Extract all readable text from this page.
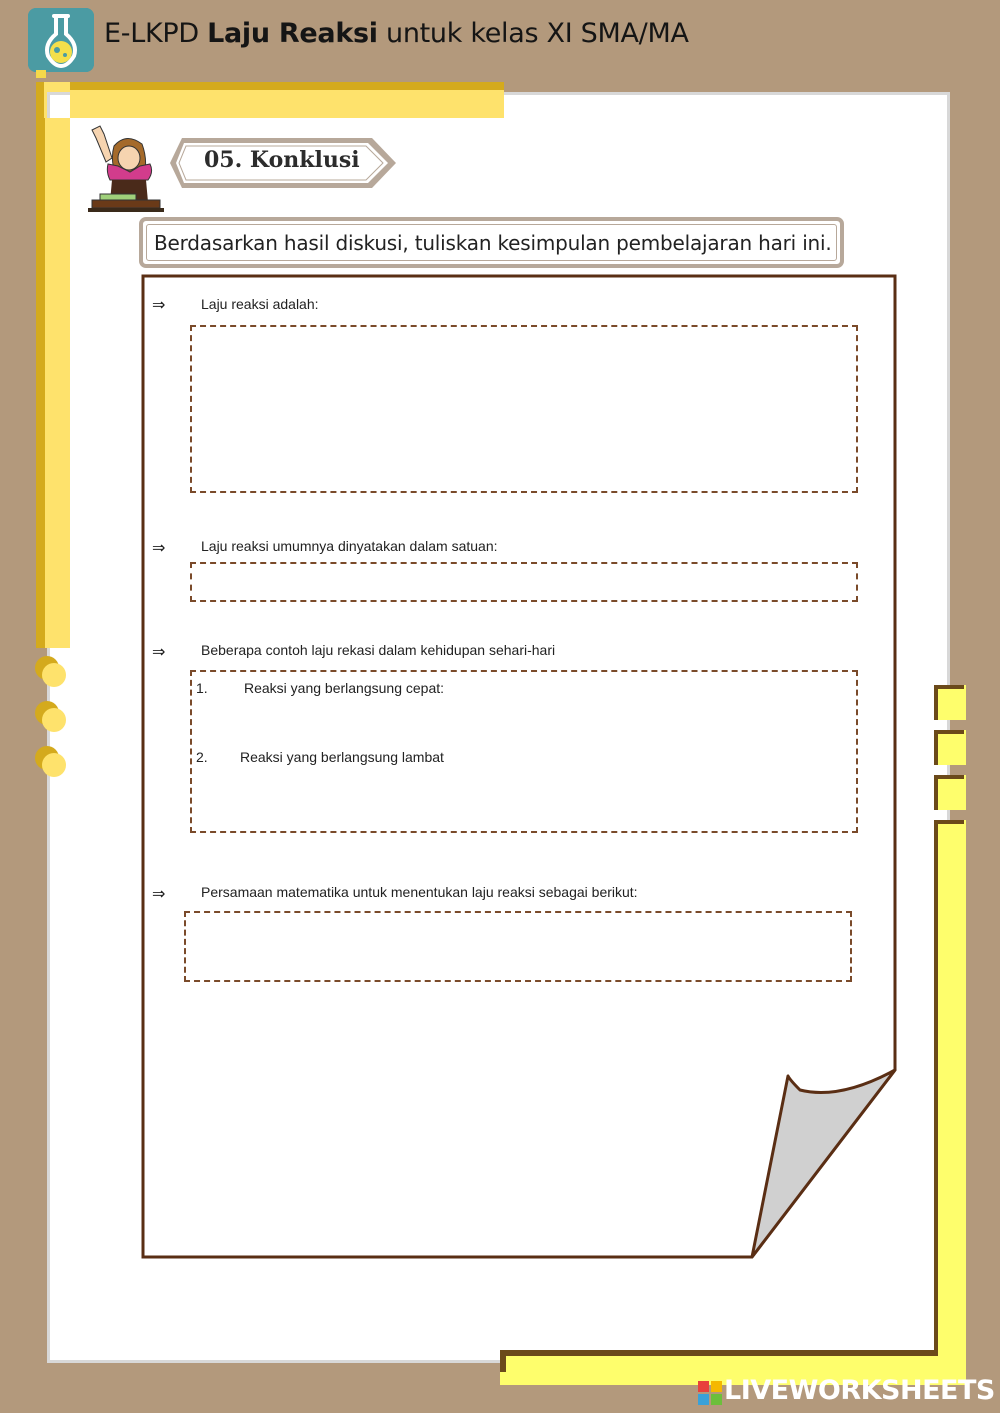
E-LKPD Laju Reaksi untuk kelas XI SMA/MA
05. Konklusi
Berdasarkan hasil diskusi, tuliskan kesimpulan pembelajaran hari ini.
⇒	Laju reaksi adalah:
⇒	Laju reaksi umumnya dinyatakan dalam satuan:
⇒	Beberapa contoh laju rekasi dalam kehidupan sehari-hari
1.	Reaksi yang berlangsung cepat:
2. Reaksi yang berlangsung lambat
⇒	Persamaan matematika untuk menentukan laju reaksi sebagai berikut:
LIVEWORKSHEETS
